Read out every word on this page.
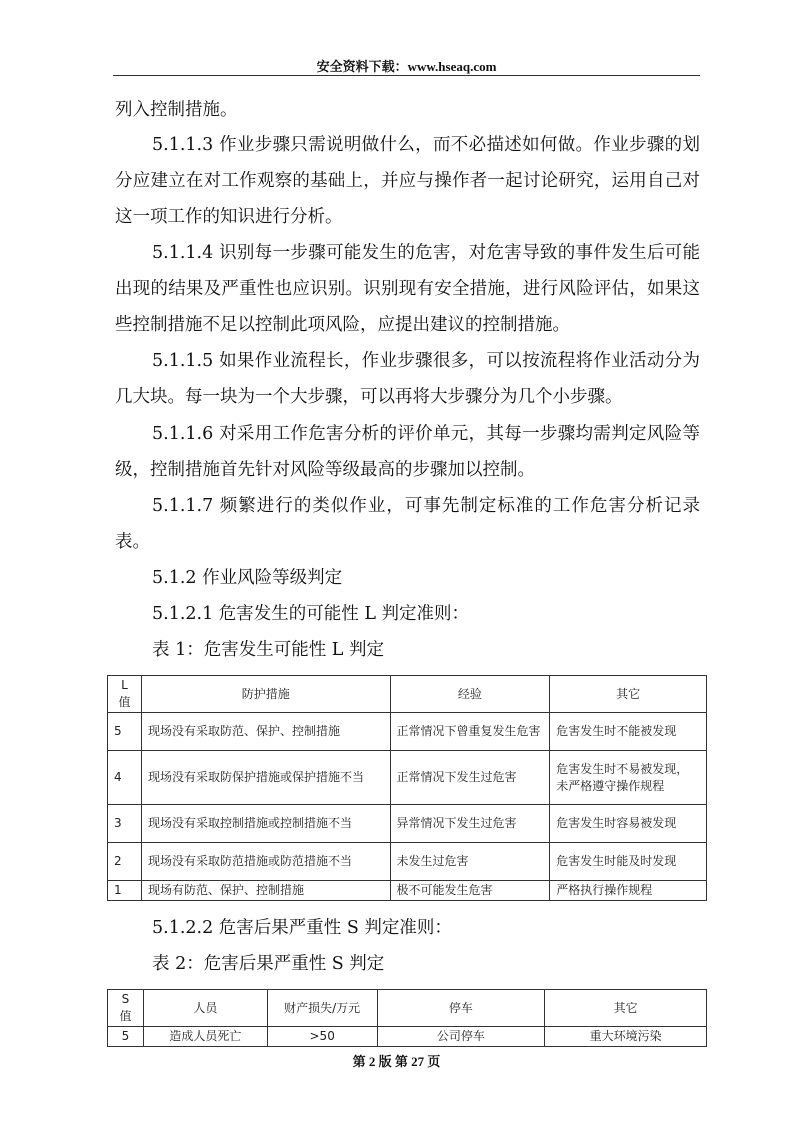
安全资料下载：www.hseaq.com

列入控制措施。

5.1.1.3 作业步骤只需说明做什么，而不必描述如何做。作业步骤的划分应建立在对工作观察的基础上，并应与操作者一起讨论研究，运用自己对这一项工作的知识进行分析。

5.1.1.4 识别每一步骤可能发生的危害，对危害导致的事件发生后可能出现的结果及严重性也应识别。识别现有安全措施，进行风险评估，如果这些控制措施不足以控制此项风险，应提出建议的控制措施。

5.1.1.5 如果作业流程长，作业步骤很多，可以按流程将作业活动分为几大块。每一块为一个大步骤，可以再将大步骤分为几个小步骤。

5.1.1.6 对采用工作危害分析的评价单元，其每一步骤均需判定风险等级，控制措施首先针对风险等级最高的步骤加以控制。

5.1.1.7 频繁进行的类似作业，可事先制定标准的工作危害分析记录表。

5.1.2 作业风险等级判定

5.1.2.1 危害发生的可能性 L 判定准则：

表 1：危害发生可能性 L 判定

L 值	防护措施	经验	其它
5	现场没有采取防范、保护、控制措施	正常情况下曾重复发生危害	危害发生时不能被发现
4	现场没有采取防保护措施或保护措施不当	正常情况下发生过危害	危害发生时不易被发现，未严格遵守操作规程
3	现场没有采取控制措施或控制措施不当	异常情况下发生过危害	危害发生时容易被发现
2	现场没有采取防范措施或防范措施不当	未发生过危害	危害发生时能及时发现
1	现场有防范、保护、控制措施	极不可能发生危害	严格执行操作规程

5.1.2.2 危害后果严重性 S 判定准则：

表 2：危害后果严重性 S 判定

S 值	人员	财产损失/万元	停车	其它
5	造成人员死亡	>50	公司停车	重大环境污染
第 2 版 第 27 页
